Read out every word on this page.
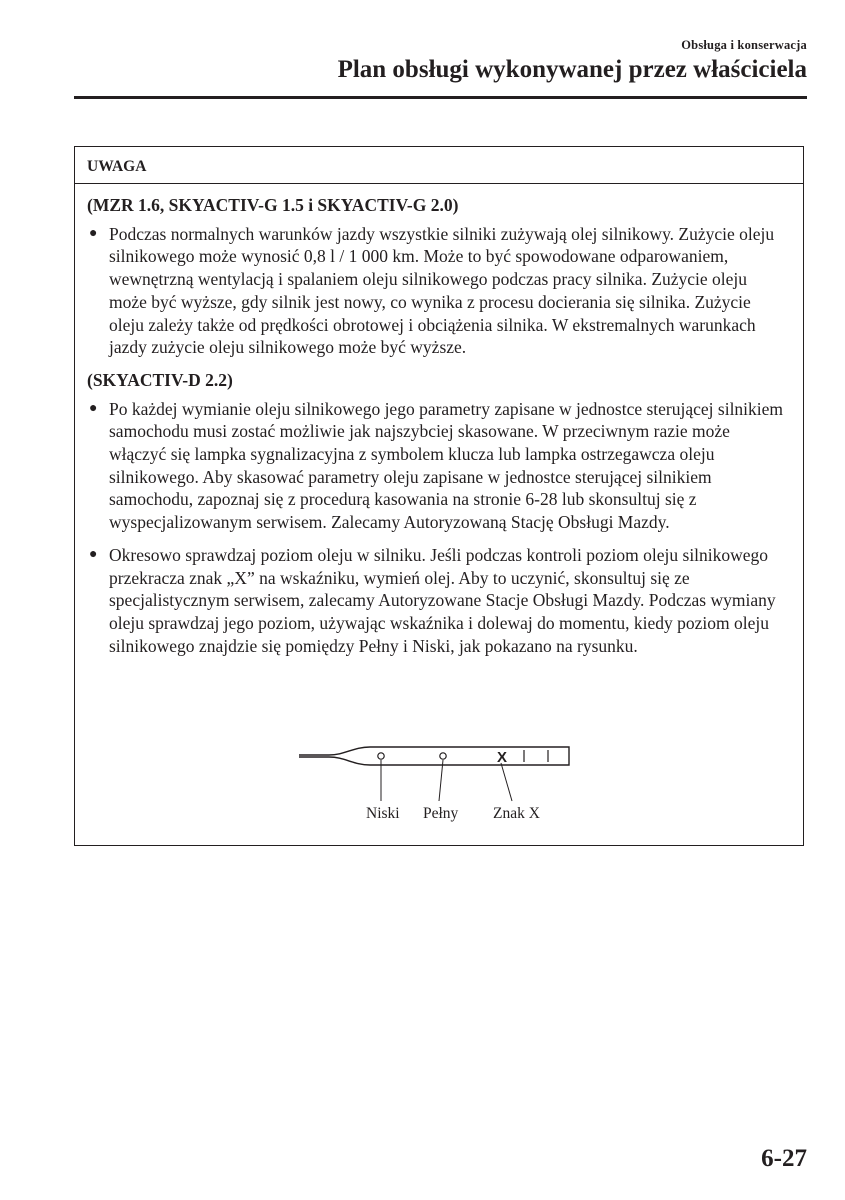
Obsługa i konserwacja
Plan obsługi wykonywanej przez właściciela
UWAGA

(MZR 1.6, SKYACTIV-G 1.5 i SKYACTIV-G 2.0)

● Podczas normalnych warunków jazdy wszystkie silniki zużywają olej silnikowy. Zużycie oleju silnikowego może wynosić 0,8 l / 1 000 km. Może to być spowodowane odparowaniem, wewnętrzną wentylacją i spalaniem oleju silnikowego podczas pracy silnika. Zużycie oleju może być wyższe, gdy silnik jest nowy, co wynika z procesu docierania się silnika. Zużycie oleju zależy także od prędkości obrotowej i obciążenia silnika. W ekstremalnych warunkach jazdy zużycie oleju silnikowego może być wyższe.

(SKYACTIV-D 2.2)

● Po każdej wymianie oleju silnikowego jego parametry zapisane w jednostce sterującej silnikiem samochodu musi zostać możliwie jak najszybciej skasowane. W przeciwnym razie może włączyć się lampka sygnalizacyjna z symbolem klucza lub lampka ostrzegawcza oleju silnikowego. Aby skasować parametry oleju zapisane w jednostce sterującej silnikiem samochodu, zapoznaj się z procedurą kasowania na stronie 6-28 lub skonsultuj się z wyspecjalizowanym serwisem. Zalecamy Autoryzowaną Stację Obsługi Mazdy.
● Okresowo sprawdzaj poziom oleju w silniku. Jeśli podczas kontroli poziom oleju silnikowego przekracza znak „X” na wskaźniku, wymień olej. Aby to uczynić, skonsultuj się ze specjalistycznym serwisem, zalecamy Autoryzowane Stacje Obsługi Mazdy. Podczas wymiany oleju sprawdzaj jego poziom, używając wskaźnika i dolewaj do momentu, kiedy poziom oleju silnikowego znajdzie się pomiędzy Pełny i Niski, jak pokazano na rysunku.
X
Niski Pełny Znak X
6-27
